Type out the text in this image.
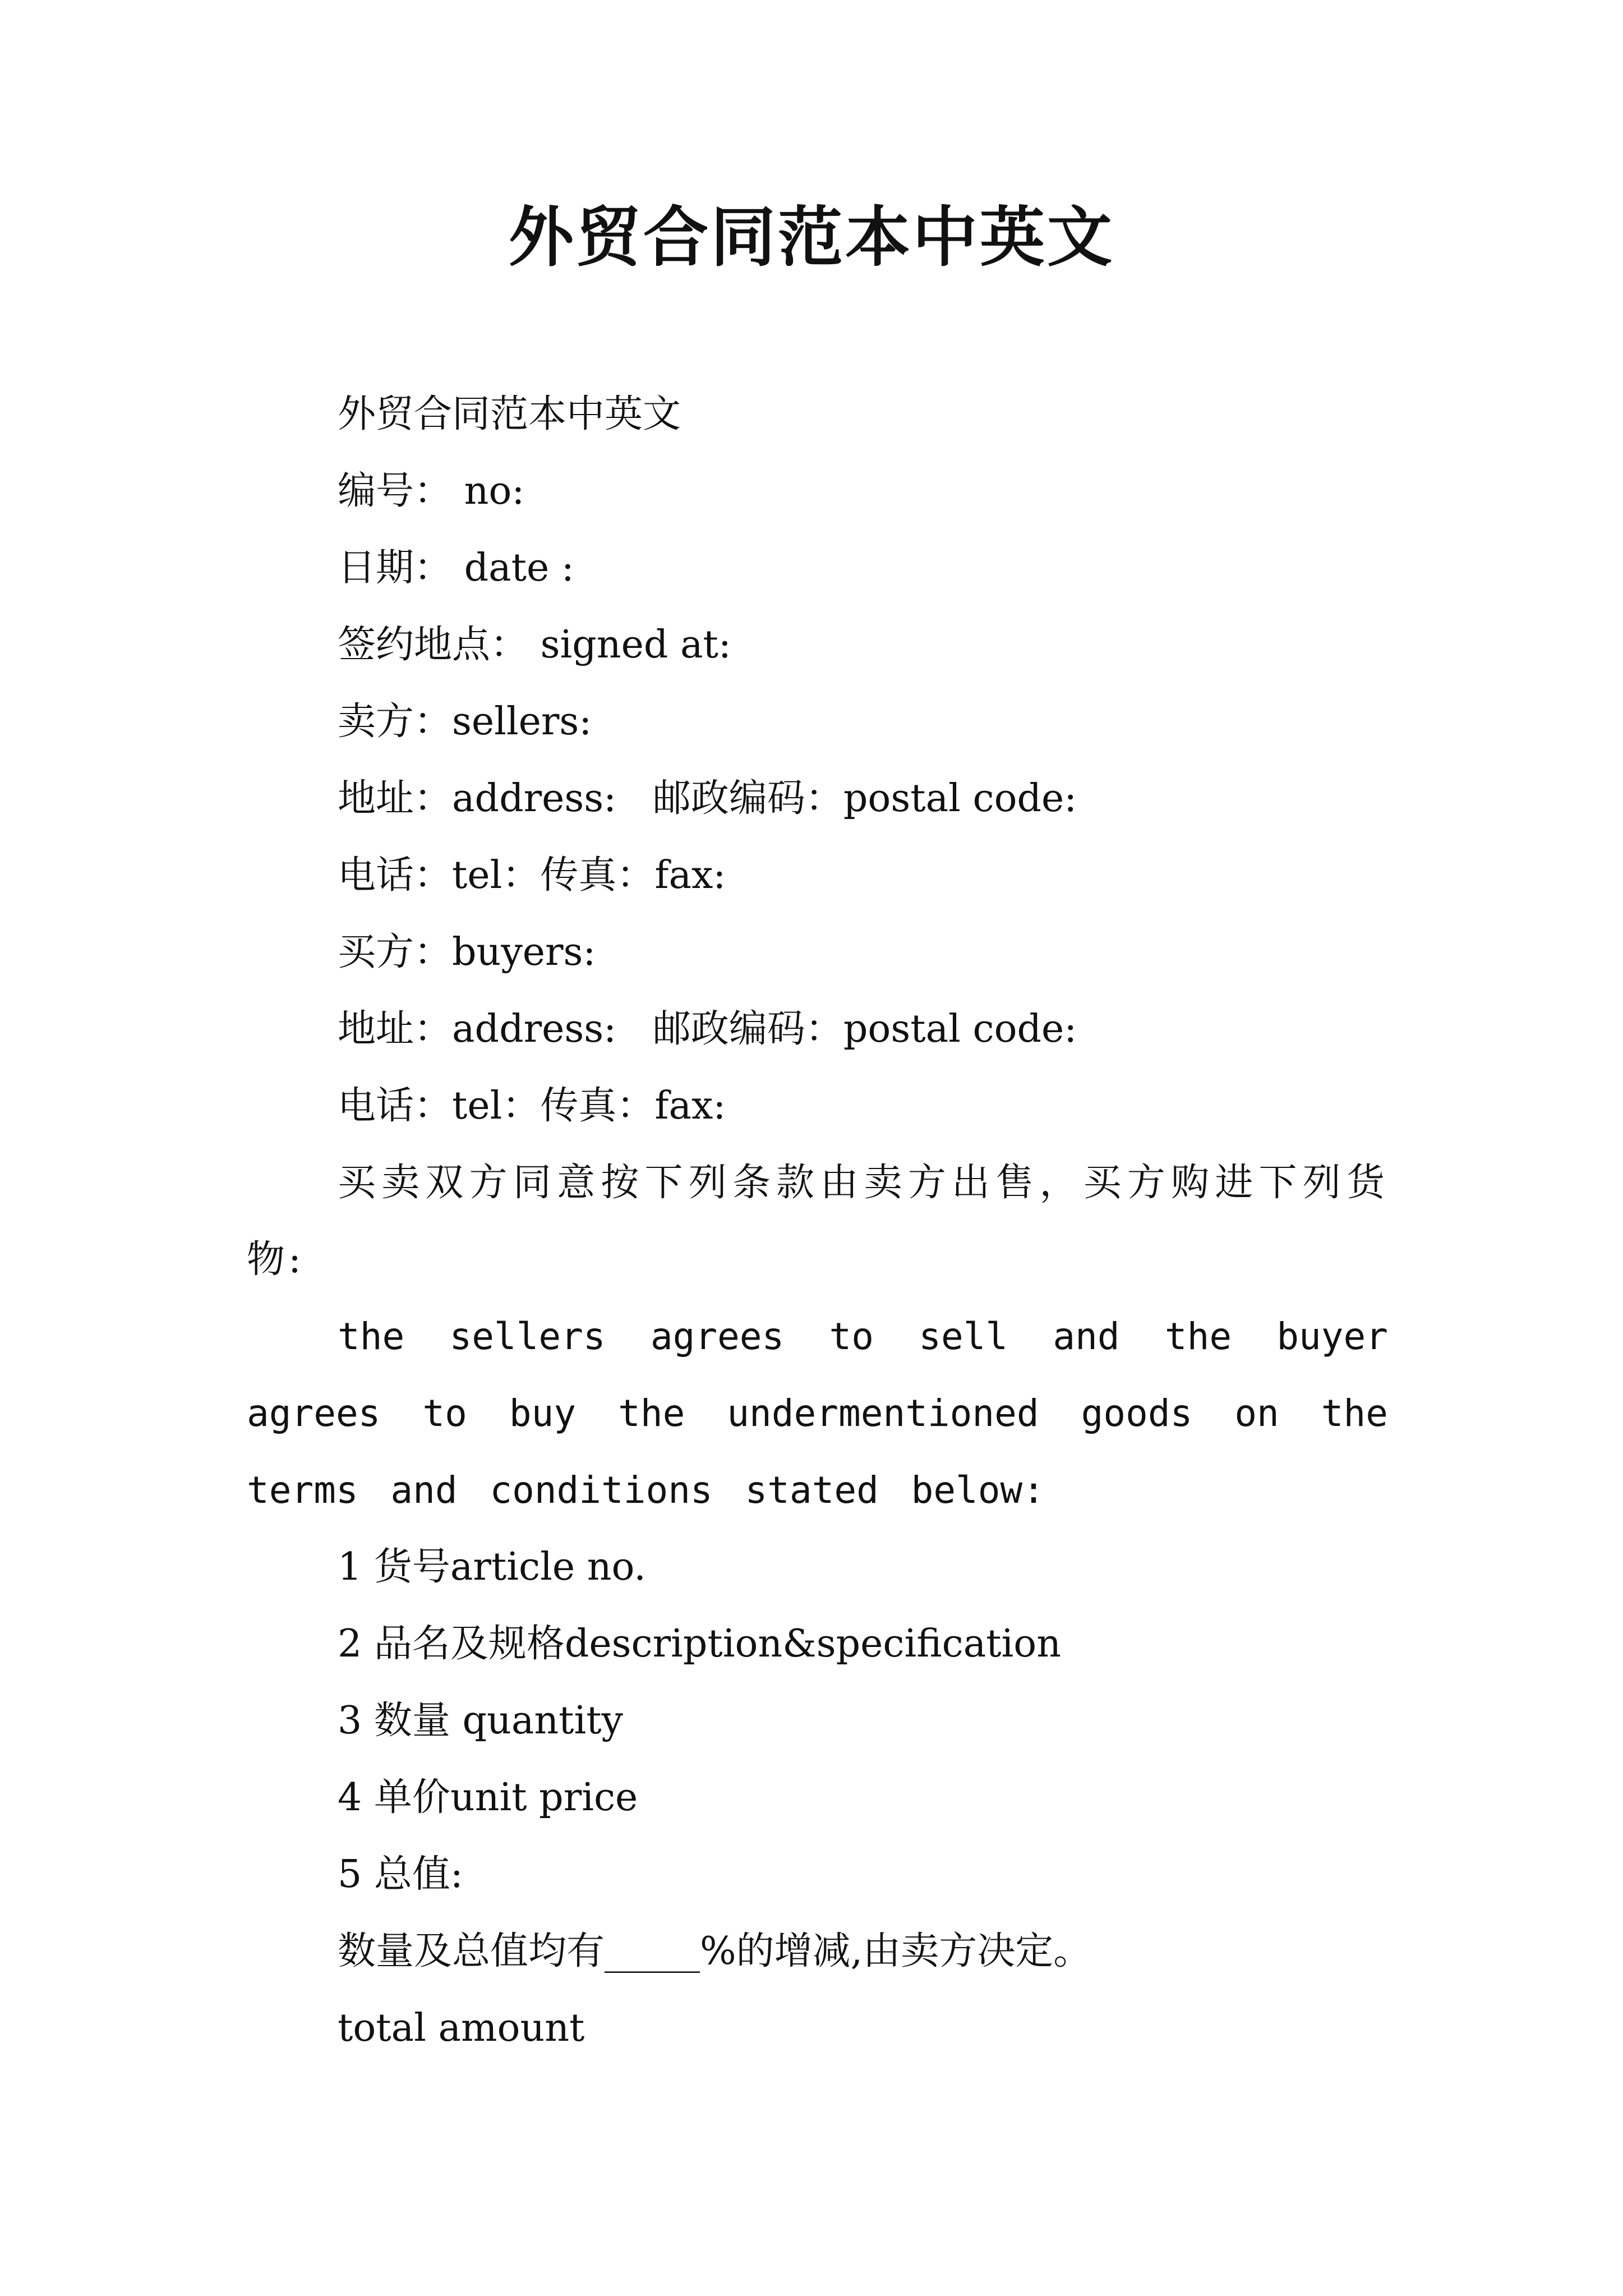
外贸合同范本中英文
外贸合同范本中英文
编号： no:
日期： date :
签约地点： signed at:
卖方：sellers:
地址：address:   邮政编码：postal code:
电话：tel：传真：fax:
买方：buyers:
地址：address:   邮政编码：postal code:
电话：tel：传真：fax:
买卖双方同意按下列条款由卖方出售，买方购进下列货物:
the sellers agrees to sell and the buyer agrees to buy the undermentioned goods on the terms and conditions stated below:
1 货号article no.
2 品名及规格description&specification
3 数量 quantity
4 单价unit price
5 总值:
数量及总值均有_____%的增减,由卖方决定。
total amount
